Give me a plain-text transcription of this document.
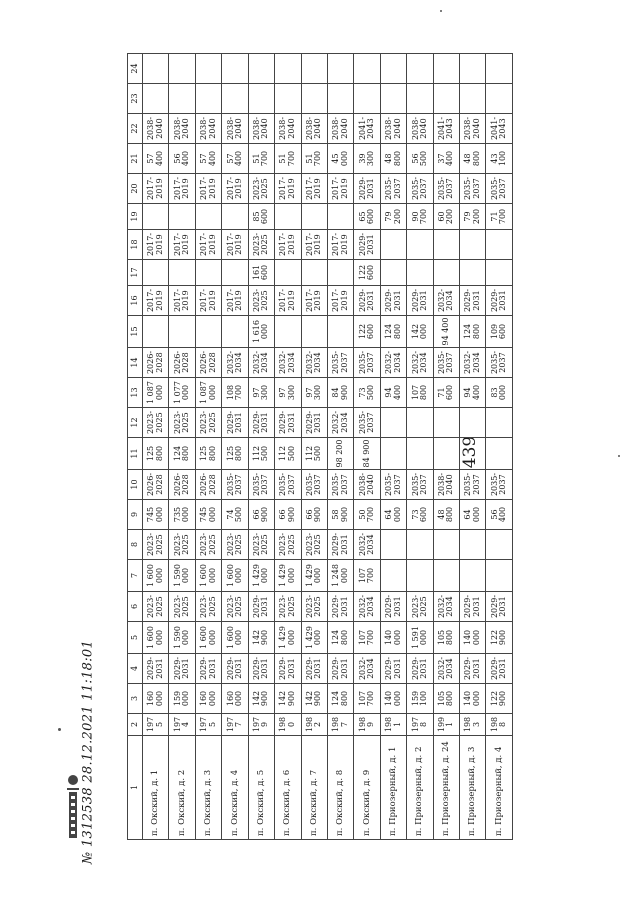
439
1	2	3	4	5	6	7	8	9	10	11	12	13	14	15	16	17	18	19	20	21	22	23	24
п. Окский, д. 1	1975	160 000	2029-2031	1 600 000	2023-2025	1 600 000	2023-2025	745 000	2026-2028	125 800	2023-2025	1 087 000	2026-2028		2017-2019		2017-2019		2017-2019	57 400	2038-2040		
п. Окский, д. 2	1974	159 000	2029-2031	1 590 000	2023-2025	1 590 000	2023-2025	735 000	2026-2028	124 800	2023-2025	1 077 000	2026-2028		2017-2019		2017-2019		2017-2019	56 400	2038-2040		
п. Окский, д. 3	1975	160 000	2029-2031	1 600 000	2023-2025	1 600 000	2023-2025	745 000	2026-2028	125 800	2023-2025	1 087 000	2026-2028		2017-2019		2017-2019		2017-2019	57 400	2038-2040		
п. Окский, д. 4	1977	160 000	2029-2031	1 600 000	2023-2025	1 600 000	2023-2025	74 500	2035-2037	125 800	2029-2031	108 700	2032-2034		2017-2019		2017-2019		2017-2019	57 400	2038-2040		
п. Окский, д. 5	1979	142 900	2029-2031	142 900	2029-2031	1 429 000	2023-2025	66 900	2035-2037	112 500	2029-2031	97 300	2032-2034	1 616 000	2023-2025	161 600	2023-2025	85 600	2023-2025	51 700	2038-2040		
п. Окский, д. 6	1980	142 900	2029-2031	1 429 000	2023-2025	1 429 000	2023-2025	66 900	2035-2037	112 500	2029-2031	97 300	2032-2034		2017-2019		2017-2019		2017-2019	51 700	2038-2040		
п. Окский, д. 7	1982	142 900	2029-2031	1 429 000	2023-2025	1 429 000	2023-2025	66 900	2035-2037	112 500	2029-2031	97 300	2032-2034		2017-2019		2017-2019		2017-2019	51 700	2038-2040		
п. Окский, д. 8	1987	124 800	2029-2031	124 800	2029-2031	1 248 000	2029-2031	58 900	2035-2037	98 200	2032-2034	84 900	2035-2037		2017-2019		2017-2019		2017-2019	45 000	2038-2040		
п. Окский, д. 9	1989	107 700	2032-2034	107 700	2032-2034	107 700	2032-2034	50 700	2038-2040	84 900	2035-2037	73 500	2035-2037	122 600	2029-2031	122 600	2029-2031	65 600	2029-2031	39 300	2041-2043		
п. Приозерный, д. 1	1981	140 000	2029-2031	140 000	2029-2031			64 000	2035-2037			94 400	2032-2034	124 800	2029-2031			79 200	2035-2037	48 800	2038-2040		
п. Приозерный, д. 2	1978	159 100	2029-2031	1 591 000	2023-2025			73 600	2035-2037			107 800	2032-2034	142 000	2029-2031			90 700	2035-2037	56 500	2038-2040		
п. Приозерный, д. 24	1991	105 800	2032-2034	105 800	2032-2034			48 800	2038-2040			71 600	2035-2037	94 400	2032-2034			60 200	2035-2037	37 400	2041-2043		
п. Приозерный, д. 3	1983	140 000	2029-2031	140 000	2029-2031			64 000	2035-2037			94 400	2032-2034	124 800	2029-2031			79 200	2035-2037	48 800	2038-2040		
п. Приозерный, д. 4	1988	122 900	2029-2031	122 900	2029-2031			56 400	2035-2037			83 000	2035-2037	109 600	2029-2031			71 700	2035-2037	43 100	2041-2043		
№ 1312538 28.12.2021 11:18:01
